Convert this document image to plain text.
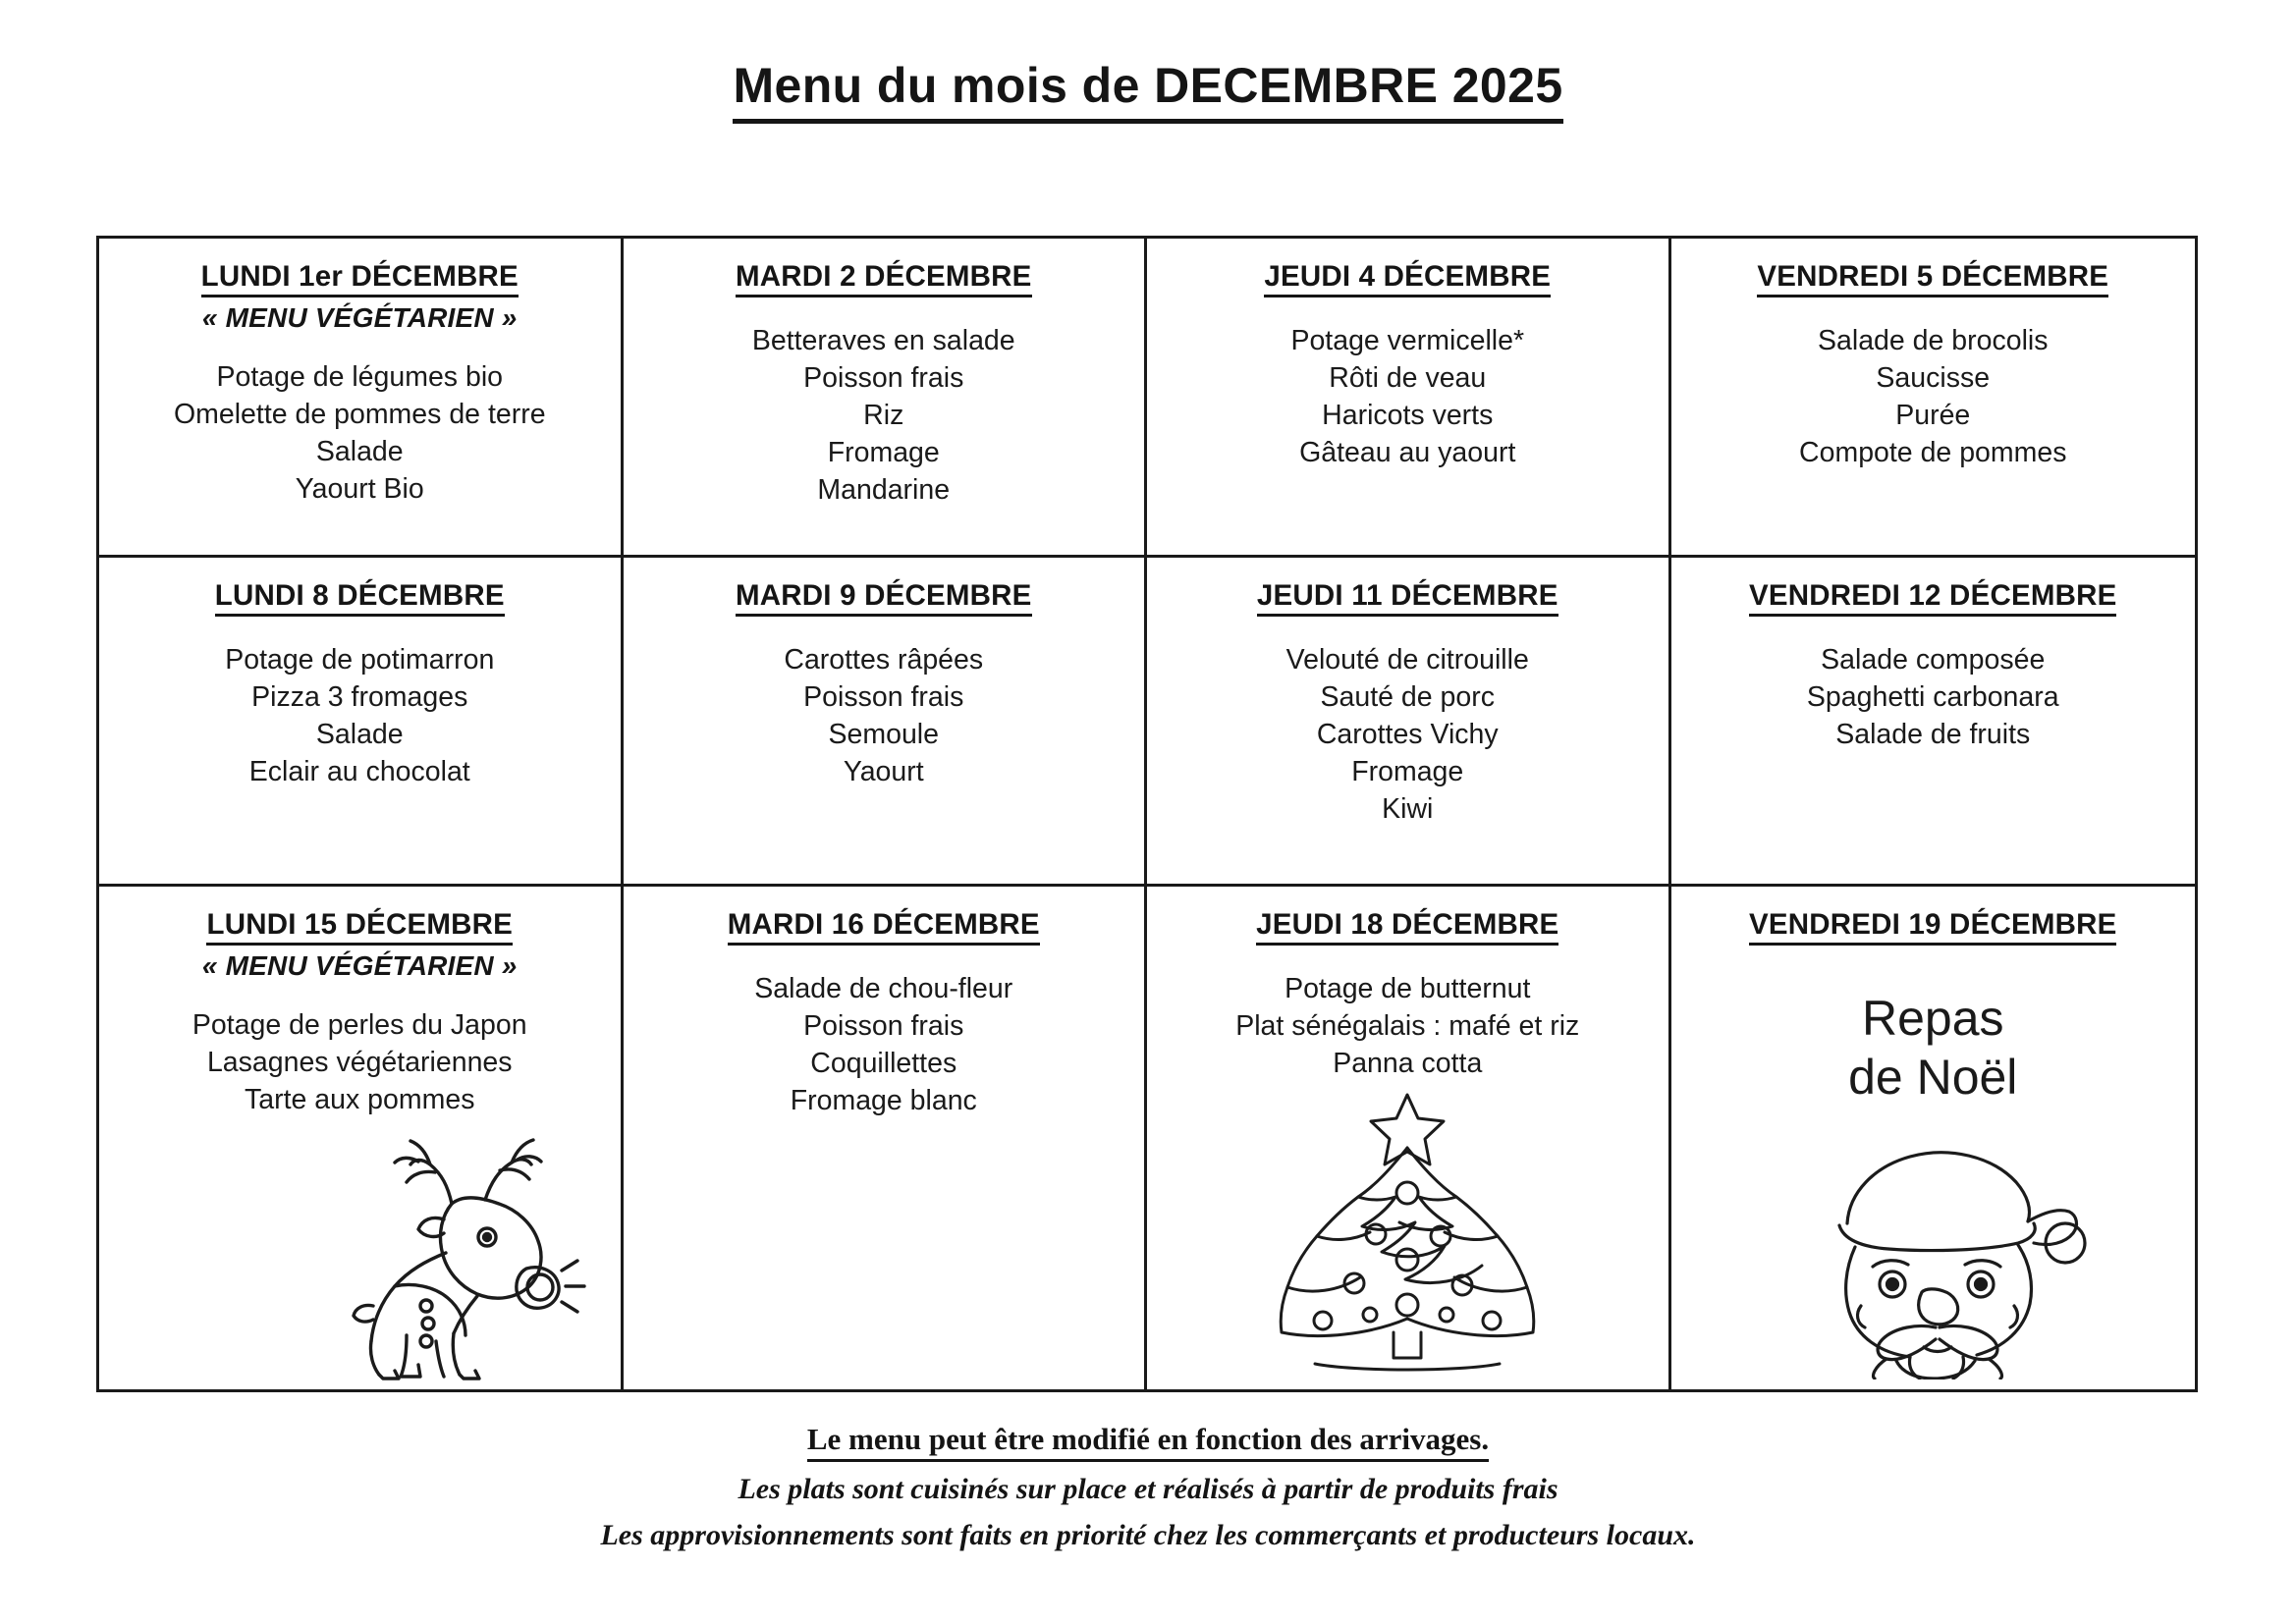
Menu du mois de DECEMBRE 2025
LUNDI 1er DÉCEMBRE
« MENU VÉGÉTARIEN »
Potage de légumes bio
Omelette de pommes de terre
Salade
Yaourt Bio
MARDI 2 DÉCEMBRE
Betteraves en salade
Poisson frais
Riz
Fromage
Mandarine
JEUDI 4 DÉCEMBRE
Potage vermicelle*
Rôti de veau
Haricots verts
Gâteau au yaourt
VENDREDI 5 DÉCEMBRE
Salade de brocolis
Saucisse
Purée
Compote de pommes
LUNDI 8 DÉCEMBRE
Potage de potimarron
Pizza 3 fromages
Salade
Eclair au chocolat
MARDI 9 DÉCEMBRE
Carottes râpées
Poisson frais
Semoule
Yaourt
JEUDI 11 DÉCEMBRE
Velouté de citrouille
Sauté de porc
Carottes Vichy
Fromage
Kiwi
VENDREDI 12 DÉCEMBRE
Salade composée
Spaghetti carbonara
Salade de fruits
LUNDI 15 DÉCEMBRE
« MENU VÉGÉTARIEN »
Potage de perles du Japon
Lasagnes végétariennes
Tarte aux pommes
MARDI 16 DÉCEMBRE
Salade de chou-fleur
Poisson frais
Coquillettes
Fromage blanc
JEUDI 18 DÉCEMBRE
Potage de butternut
Plat sénégalais : mafé et riz
Panna cotta
VENDREDI 19 DÉCEMBRE
Repas
de Noël
Le menu peut être modifié en fonction des arrivages.
Les plats sont cuisinés sur place et réalisés à partir de produits frais
Les approvisionnements sont faits en priorité chez les commerçants et producteurs locaux.
